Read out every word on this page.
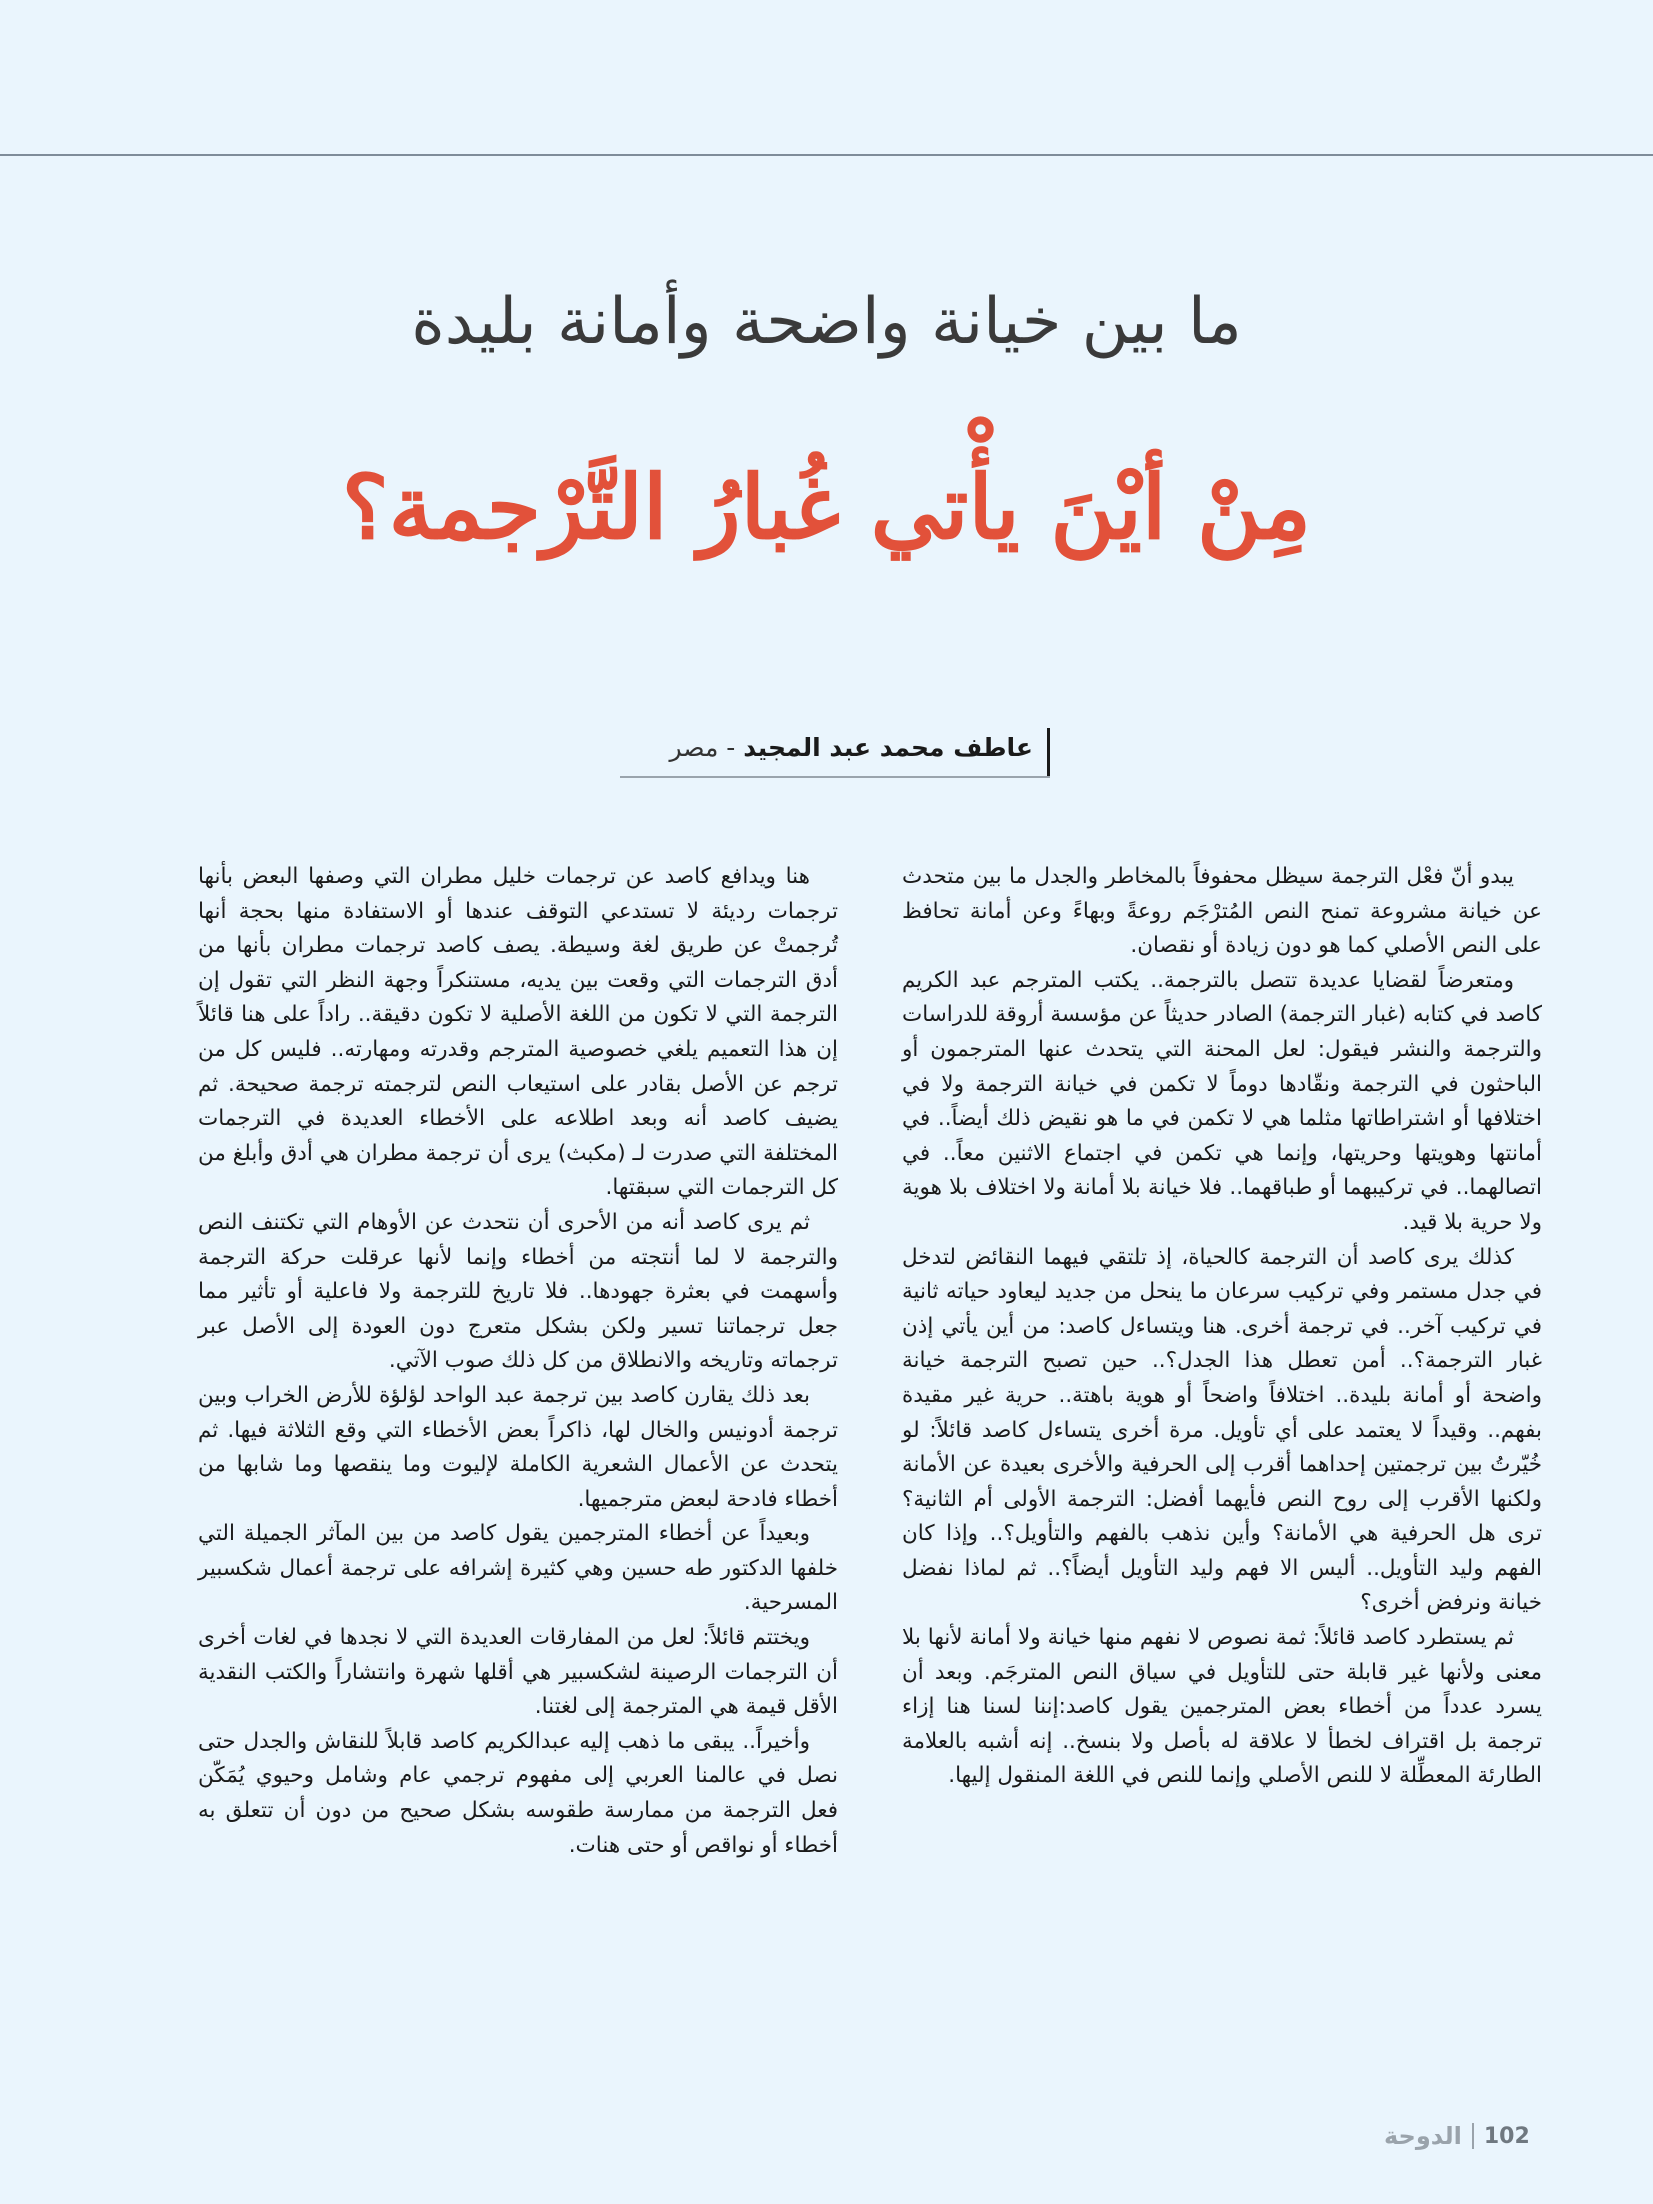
ما بين خيانة واضحة وأمانة بليدة
مِنْ أيْنَ يأْتي غُبارُ التَّرْجمة؟
عاطف محمد عبد المجيد - مصر

يبدو أنّ فعْل الترجمة سيظل محفوفاً بالمخاطر والجدل ما بين متحدث عن خيانة مشروعة تمنح النص المُترْجَم روعةً وبهاءً وعن أمانة تحافظ على النص الأصلي كما هو دون زيادة أو نقصان.

ومتعرضاً لقضايا عديدة تتصل بالترجمة.. يكتب المترجم عبد الكريم كاصد في كتابه (غبار الترجمة) الصادر حديثاً عن مؤسسة أروقة للدراسات والترجمة والنشر فيقول: لعل المحنة التي يتحدث عنها المترجمون أو الباحثون في الترجمة ونقّادها دوماً لا تكمن في خيانة الترجمة ولا في اختلافها أو اشتراطاتها مثلما هي لا تكمن في ما هو نقيض ذلك أيضاً.. في أمانتها وهويتها وحريتها، وإنما هي تكمن في اجتماع الاثنين معاً.. في اتصالهما.. في تركيبهما أو طباقهما.. فلا خيانة بلا أمانة ولا اختلاف بلا هوية ولا حرية بلا قيد.

كذلك يرى كاصد أن الترجمة كالحياة، إذ تلتقي فيهما النقائض لتدخل في جدل مستمر وفي تركيب سرعان ما ينحل من جديد ليعاود حياته ثانية في تركيب آخر.. في ترجمة أخرى. هنا ويتساءل كاصد: من أين يأتي إذن غبار الترجمة؟.. أمن تعطل هذا الجدل؟.. حين تصبح الترجمة خيانة واضحة أو أمانة بليدة.. اختلافاً واضحاً أو هوية باهتة.. حرية غير مقيدة بفهم.. وقيداً لا يعتمد على أي تأويل. مرة أخرى يتساءل كاصد قائلاً: لو خُيّرتُ بين ترجمتين إحداهما أقرب إلى الحرفية والأخرى بعيدة عن الأمانة ولكنها الأقرب إلى روح النص فأيهما أفضل: الترجمة الأولى أم الثانية؟ ترى هل الحرفية هي الأمانة؟ وأين نذهب بالفهم والتأويل؟.. وإذا كان الفهم وليد التأويل.. أليس الا فهم وليد التأويل أيضاً؟.. ثم لماذا نفضل خيانة ونرفض أخرى؟

ثم يستطرد كاصد قائلاً: ثمة نصوص لا نفهم منها خيانة ولا أمانة لأنها بلا معنى ولأنها غير قابلة حتى للتأويل في سياق النص المترجَم. وبعد أن يسرد عدداً من أخطاء بعض المترجمين يقول كاصد:إننا لسنا هنا إزاء ترجمة بل اقتراف لخطأ لا علاقة له بأصل ولا بنسخ.. إنه أشبه بالعلامة الطارئة المعطِّلة لا للنص الأصلي وإنما للنص في اللغة المنقول إليها.

هنا ويدافع كاصد عن ترجمات خليل مطران التي وصفها البعض بأنها ترجمات رديئة لا تستدعي التوقف عندها أو الاستفادة منها بحجة أنها تُرجمتْ عن طريق لغة وسيطة. يصف كاصد ترجمات مطران بأنها من أدق الترجمات التي وقعت بين يديه، مستنكراً وجهة النظر التي تقول إن الترجمة التي لا تكون من اللغة الأصلية لا تكون دقيقة.. راداً على هنا قائلاً إن هذا التعميم يلغي خصوصية المترجم وقدرته ومهارته.. فليس كل من ترجم عن الأصل بقادر على استيعاب النص لترجمته ترجمة صحيحة. ثم يضيف كاصد أنه وبعد اطلاعه على الأخطاء العديدة في الترجمات المختلفة التي صدرت لـ (مكبث) يرى أن ترجمة مطران هي أدق وأبلغ من كل الترجمات التي سبقتها.

ثم يرى كاصد أنه من الأحرى أن نتحدث عن الأوهام التي تكتنف النص والترجمة لا لما أنتجته من أخطاء وإنما لأنها عرقلت حركة الترجمة وأسهمت في بعثرة جهودها.. فلا تاريخ للترجمة ولا فاعلية أو تأثير مما جعل ترجماتنا تسير ولكن بشكل متعرج دون العودة إلى الأصل عبر ترجماته وتاريخه والانطلاق من كل ذلك صوب الآتي.

بعد ذلك يقارن كاصد بين ترجمة عبد الواحد لؤلؤة للأرض الخراب وبين ترجمة أدونيس والخال لها، ذاكراً بعض الأخطاء التي وقع الثلاثة فيها. ثم يتحدث عن الأعمال الشعرية الكاملة لإليوت وما ينقصها وما شابها من أخطاء فادحة لبعض مترجميها.

وبعيداً عن أخطاء المترجمين يقول كاصد من بين المآثر الجميلة التي خلفها الدكتور طه حسين وهي كثيرة إشرافه على ترجمة أعمال شكسبير المسرحية.

ويختتم قائلاً: لعل من المفارقات العديدة التي لا نجدها في لغات أخرى أن الترجمات الرصينة لشكسبير هي أقلها شهرة وانتشاراً والكتب النقدية الأقل قيمة هي المترجمة إلى لغتنا.

وأخيراً.. يبقى ما ذهب إليه عبدالكريم كاصد قابلاً للنقاش والجدل حتى نصل في عالمنا العربي إلى مفهوم ترجمي عام وشامل وحيوي يُمَكّن فعل الترجمة من ممارسة طقوسه بشكل صحيح من دون أن تتعلق به أخطاء أو نواقص أو حتى هنات.

الدوحة 102
